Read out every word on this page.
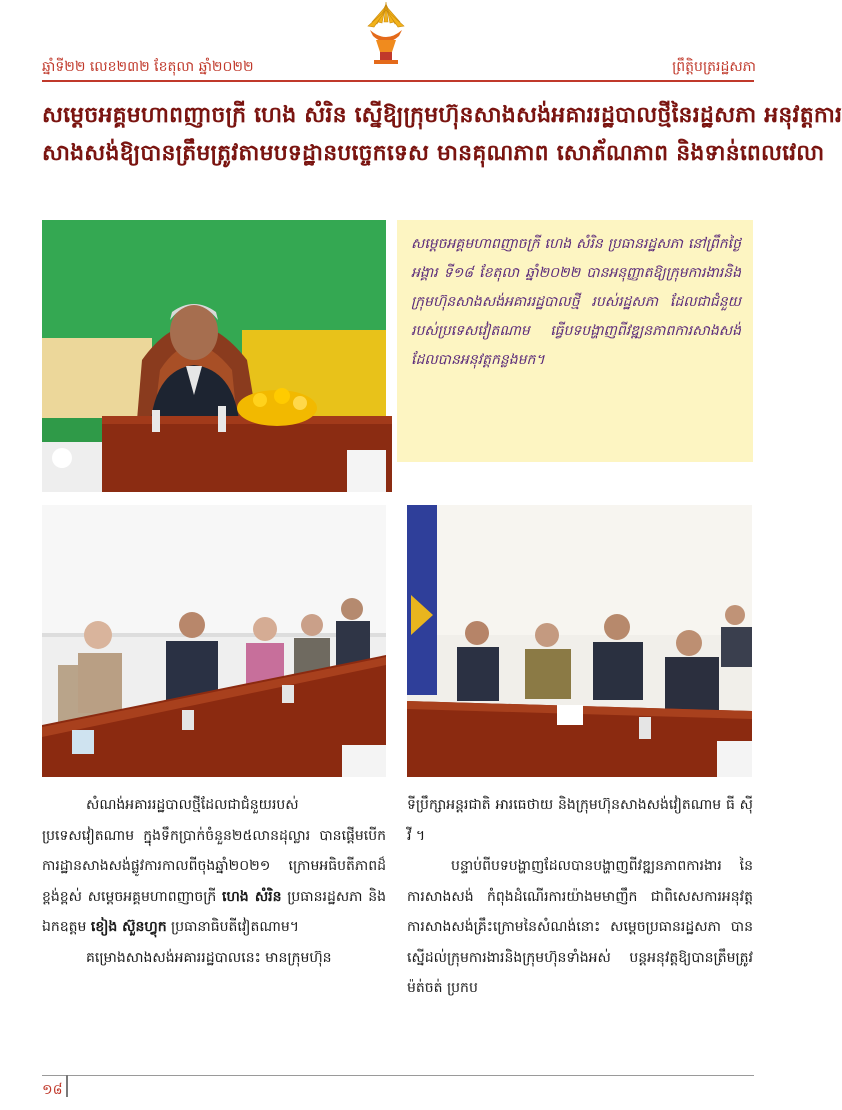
ឆ្នាំទី២២ លេខ២៣២ ខែតុលា ឆ្នាំ២០២២	ព្រឹត្តិបត្ររដ្ឋសភា
សម្តេចអគ្គមហាពញាចក្រី ហេង សំរិន ស្នើឱ្យក្រុមហ៊ុនសាងសង់អគាររដ្ឋបាលថ្មីនៃរដ្ឋសភា អនុវត្តការ
សាងសង់ឱ្យបានត្រឹមត្រូវតាមបទដ្ឋានបច្ចេកទេស មានគុណភាព សោភ័ណភាព និងទាន់ពេលវេលា
សម្តេចអគ្គមហាពញាចក្រី ហេង សំរិន ប្រធានរដ្ឋសភា នៅព្រឹកថ្ងៃអង្គារ ទី១៨ ខែតុលា ឆ្នាំ២០២២ បានអនុញ្ញាតឱ្យក្រុមការងារនិងក្រុមហ៊ុនសាងសង់អគាររដ្ឋបាលថ្មី របស់រដ្ឋសភា ដែលជាជំនួយរបស់ប្រទេសវៀតណាម ធ្វើបទបង្ហាញពីវឌ្ឍនភាពការសាងសង់ ដែលបានអនុវត្តកន្លងមក។

សំណង់អគាររដ្ឋបាលថ្មីដែលជាជំនួយរបស់ប្រទេសវៀតណាម ក្នុងទឹកប្រាក់ចំនួន២៥លានដុល្លារ បានផ្តើមបើកការដ្ឋានសាងសង់ផ្លូវការកាលពីចុងឆ្នាំ២០២១ ក្រោមអធិបតីភាពដ៏ខ្ពង់ខ្ពស់ សម្តេចអគ្គមហាពញាចក្រី ហេង សំរិន ប្រធានរដ្ឋសភា និងឯកឧត្តម ខៀង ស៊ួនហ្វុក ប្រធានាធិបតីវៀតណាម។

គម្រោងសាងសង់អគាររដ្ឋបាលនេះ មានក្រុមហ៊ុន

ទីប្រឹក្សាអន្តរជាតិ អារធេថាយ និងក្រុមហ៊ុនសាងសង់វៀតណាម ធី ស៊ី វី ។

បន្ទាប់ពីបទបង្ហាញដែលបានបង្ហាញពីវឌ្ឍនភាពការងារ នៃការសាងសង់ កំពុងដំណើរការយ៉ាងមមាញឹក ជាពិសេសការអនុវត្តការសាងសង់គ្រឹះក្រោមនៃសំណង់នោះ សម្តេចប្រធានរដ្ឋសភា បានស្នើដល់ក្រុមការងារនិងក្រុមហ៊ុនទាំងអស់ បន្តអនុវត្តឱ្យបានត្រឹមត្រូវ ម៉ត់ចត់ ប្រកប

១៨
